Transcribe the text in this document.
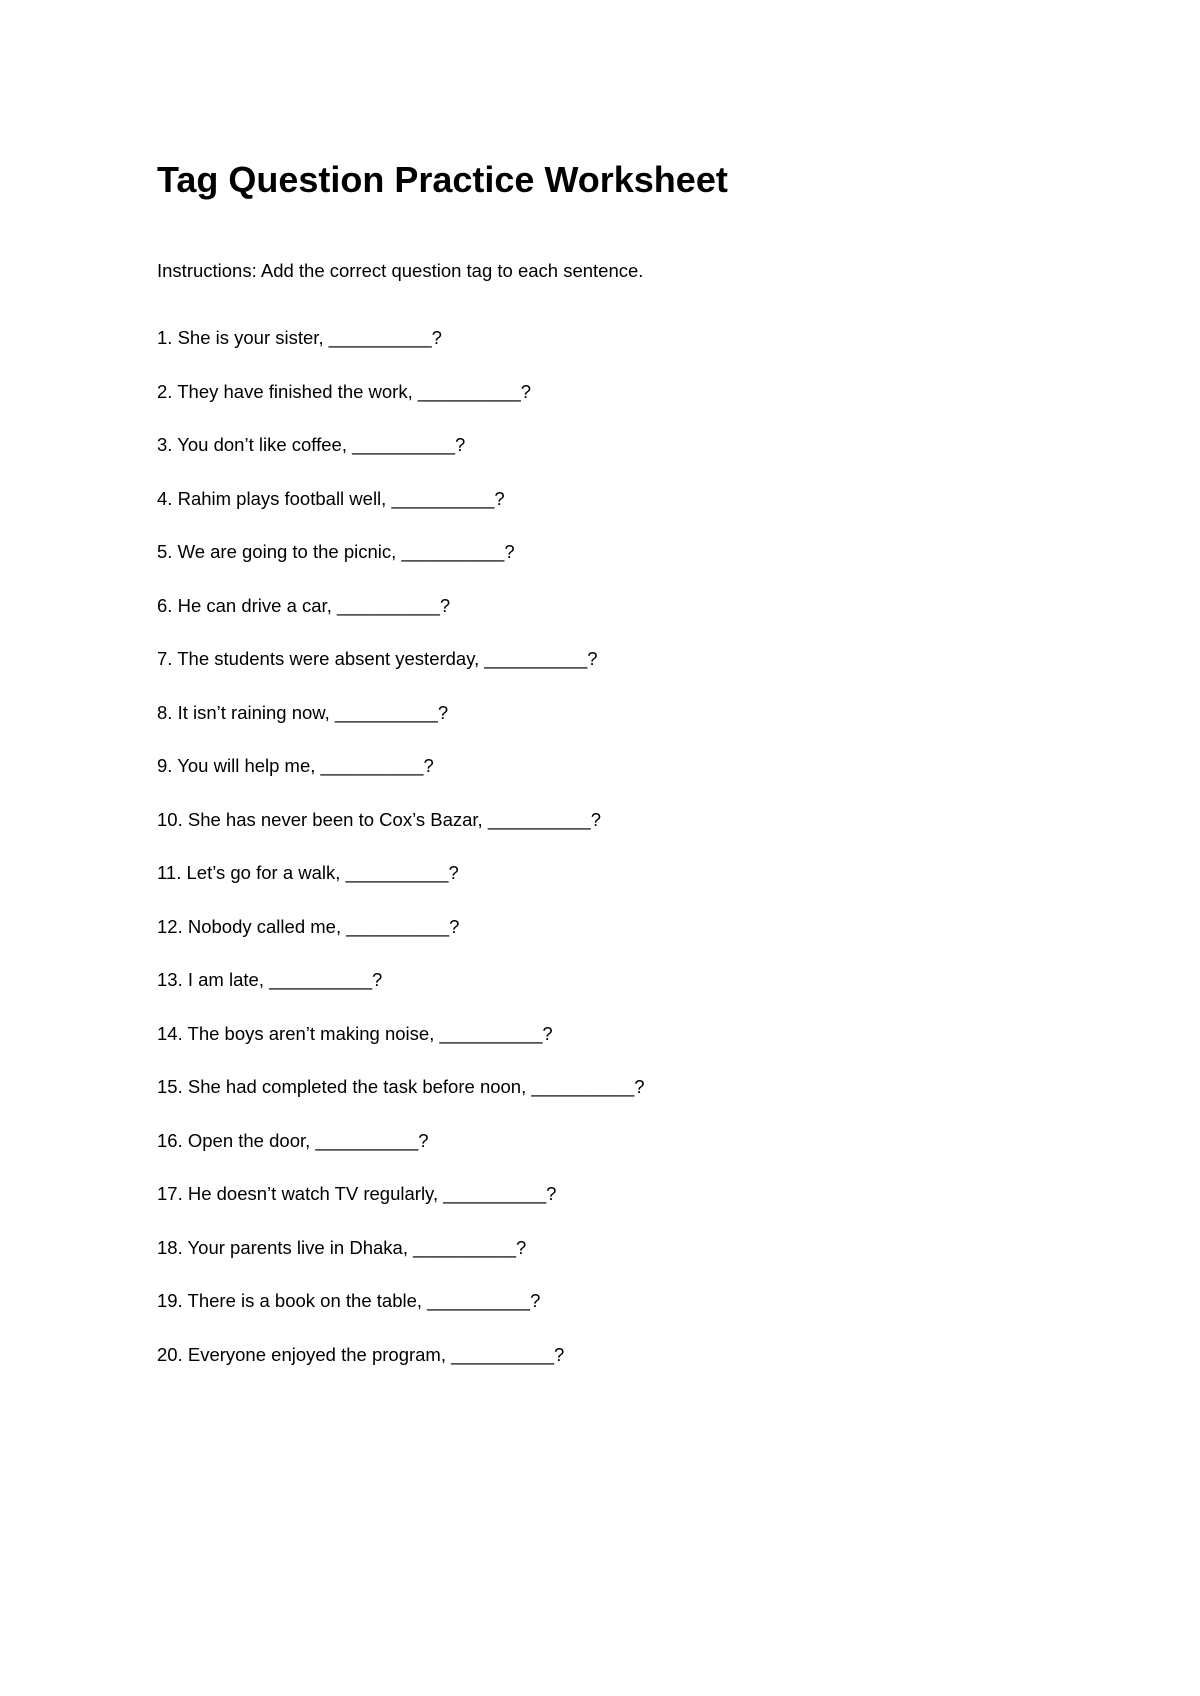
Tag Question Practice Worksheet

Instructions: Add the correct question tag to each sentence.

1 . She is your sister , __________?
2 . They have finished the work , __________?
3 . You don’t like coffee , __________?
4 . Rahim plays football well , __________?
5 . We are going to the picnic , __________?
6 . He can drive a car , __________?
7 . The students were absent yesterday , __________?
8 . It isn’t raining now , __________?
9 . You will help me , __________?
10 . She has never been to Cox’s Bazar , __________?
11 . Let’s go for a walk , __________?
12 . Nobody called me , __________?
13 . I am late , __________?
14 . The boys aren’t making noise , __________?
15 . She had completed the task before noon , __________?
16 . Open the door , __________?
17 . He doesn’t watch TV regularly , __________?
18 . Your parents live in Dhaka , __________?
19 . There is a book on the table , __________?
20 . Everyone enjoyed the program , __________?
